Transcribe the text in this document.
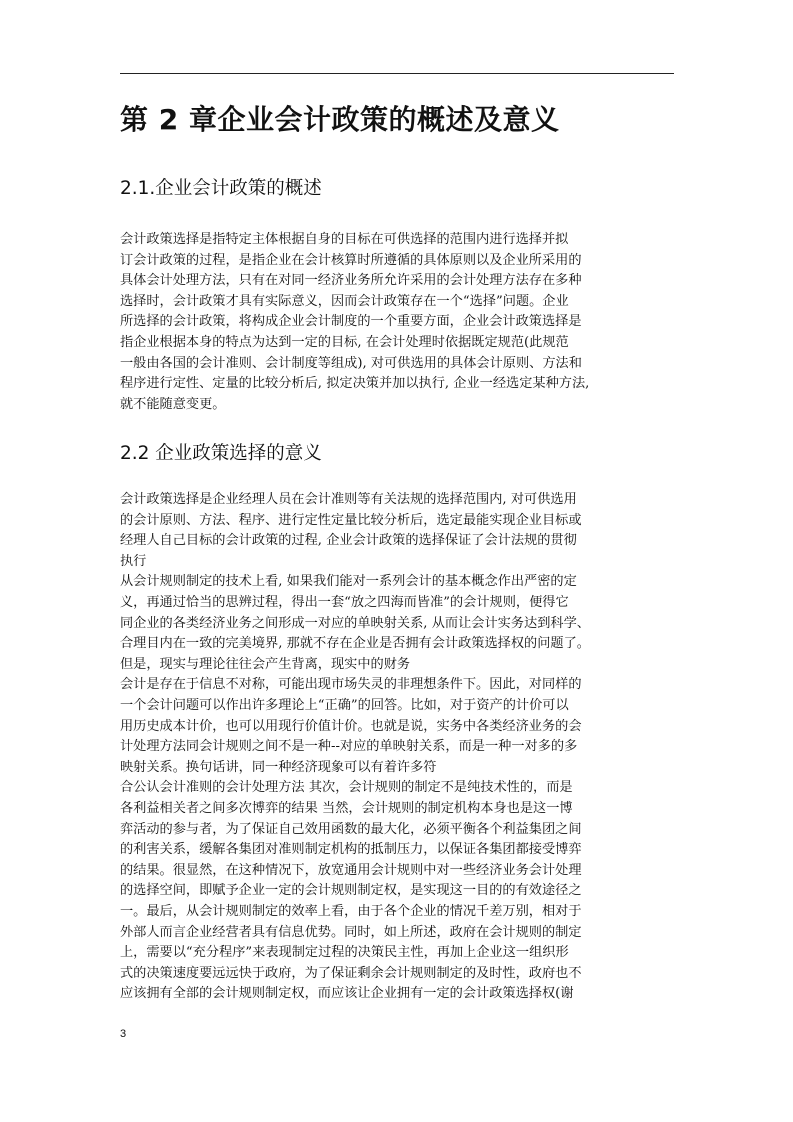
第 2 章企业会计政策的概述及意义
2.1.企业会计政策的概述

会计政策选择是指特定主体根据自身的目标在可供选择的范围内进行选择并拟

订会计政策的过程，是指企业在会计核算时所遵循的具体原则以及企业所采用的

具体会计处理方法，只有在对同一经济业务所允许采用的会计处理方法存在多种

选择时，会计政策才具有实际意义，因而会计政策存在一个“选择”问题。企业

所选择的会计政策，将构成企业会计制度的一个重要方面，企业会计政策选择是

指企业根据本身的特点为达到一定的目标, 在会计处理时依据既定规范(此规范

一般由各国的会计准则、会计制度等组成), 对可供选用的具体会计原则、方法和

程序进行定性、定量的比较分析后, 拟定决策并加以执行, 企业一经选定某种方法,

就不能随意变更。

2.2 企业政策选择的意义

会计政策选择是企业经理人员在会计准则等有关法规的选择范围内, 对可供选用

的会计原则、方法、程序、进行定性定量比较分析后，选定最能实现企业目标或

经理人自己目标的会计政策的过程, 企业会计政策的选择保证了会计法规的贯彻

执行

从会计规则制定的技术上看, 如果我们能对一系列会计的基本概念作出严密的定

义，再通过恰当的思辨过程，得出一套“放之四海而皆准”的会计规则，便得它

同企业的各类经济业务之间形成一对应的单映射关系, 从而让会计实务达到科学、

合理目内在一致的完美境界, 那就不存在企业是否拥有会计政策选择权的问题了。

但是，现实与理论往往会产生背离，现实中的财务

会计是存在于信息不对称，可能出现市场失灵的非理想条件下。因此，对同样的

一个会计问题可以作出许多理论上“正确”的回答。比如，对于资产的计价可以

用历史成本计价，也可以用现行价值计价。也就是说，实务中各类经济业务的会

计处理方法同会计规则之间不是一种--对应的单映射关系，而是一种一对多的多

映射关系。换句话讲，同一种经济现象可以有着许多符

合公认会计准则的会计处理方法 其次，会计规则的制定不是纯技术性的，而是

各利益相关者之间多次博弈的结果 当然，会计规则的制定机构本身也是这一博

弈活动的参与者，为了保证自己效用函数的最大化，必须平衡各个利益集团之间

的利害关系，缓解各集团对准则制定机构的抵制压力，以保证各集团都接受博弈

的结果。很显然，在这种情况下，放宽通用会计规则中对一些经济业务会计处理

的选择空间，即赋予企业一定的会计规则制定权，是实现这一目的的有效途径之

一。最后，从会计规则制定的效率上看，由于各个企业的情况千差万别，相对于

外部人而言企业经营者具有信息优势。同时，如上所述，政府在会计规则的制定

上，需要以“充分程序”来表现制定过程的决策民主性，再加上企业这一组织形

式的决策速度要远远快于政府，为了保证剩余会计规则制定的及时性，政府也不

应该拥有全部的会计规则制定权，而应该让企业拥有一定的会计政策选择权(谢

3
